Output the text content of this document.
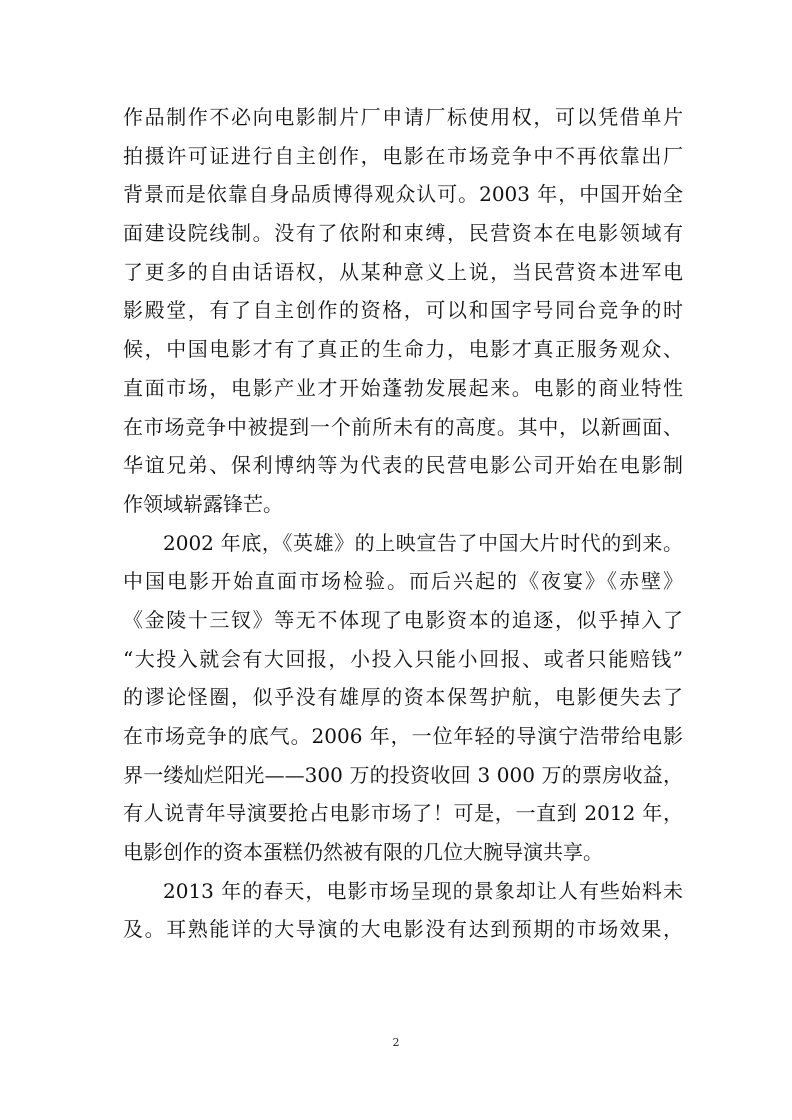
作品制作不必向电影制片厂申请厂标使用权，可以凭借单片
拍摄许可证进行自主创作，电影在市场竞争中不再依靠出厂
背景而是依靠自身品质博得观众认可。2003 年，中国开始全
面建设院线制。没有了依附和束缚，民营资本在电影领域有
了更多的自由话语权，从某种意义上说，当民营资本进军电
影殿堂，有了自主创作的资格，可以和国字号同台竞争的时
候，中国电影才有了真正的生命力，电影才真正服务观众、
直面市场，电影产业才开始蓬勃发展起来。电影的商业特性
在市场竞争中被提到一个前所未有的高度。其中，以新画面、
华谊兄弟、保利博纳等为代表的民营电影公司开始在电影制
作领域崭露锋芒。
2002 年底，《英雄》的上映宣告了中国大片时代的到来。
中国电影开始直面市场检验。而后兴起的《夜宴》《赤壁》
《金陵十三钗》等无不体现了电影资本的追逐，似乎掉入了
“大投入就会有大回报，小投入只能小回报、或者只能赔钱”
的谬论怪圈，似乎没有雄厚的资本保驾护航，电影便失去了
在市场竞争的底气。2006 年，一位年轻的导演宁浩带给电影
界一缕灿烂阳光——300 万的投资收回 3 000 万的票房收益，
有人说青年导演要抢占电影市场了！可是，一直到 2012 年，
电影创作的资本蛋糕仍然被有限的几位大腕导演共享。
2013 年的春天，电影市场呈现的景象却让人有些始料未
及。耳熟能详的大导演的大电影没有达到预期的市场效果，
2
